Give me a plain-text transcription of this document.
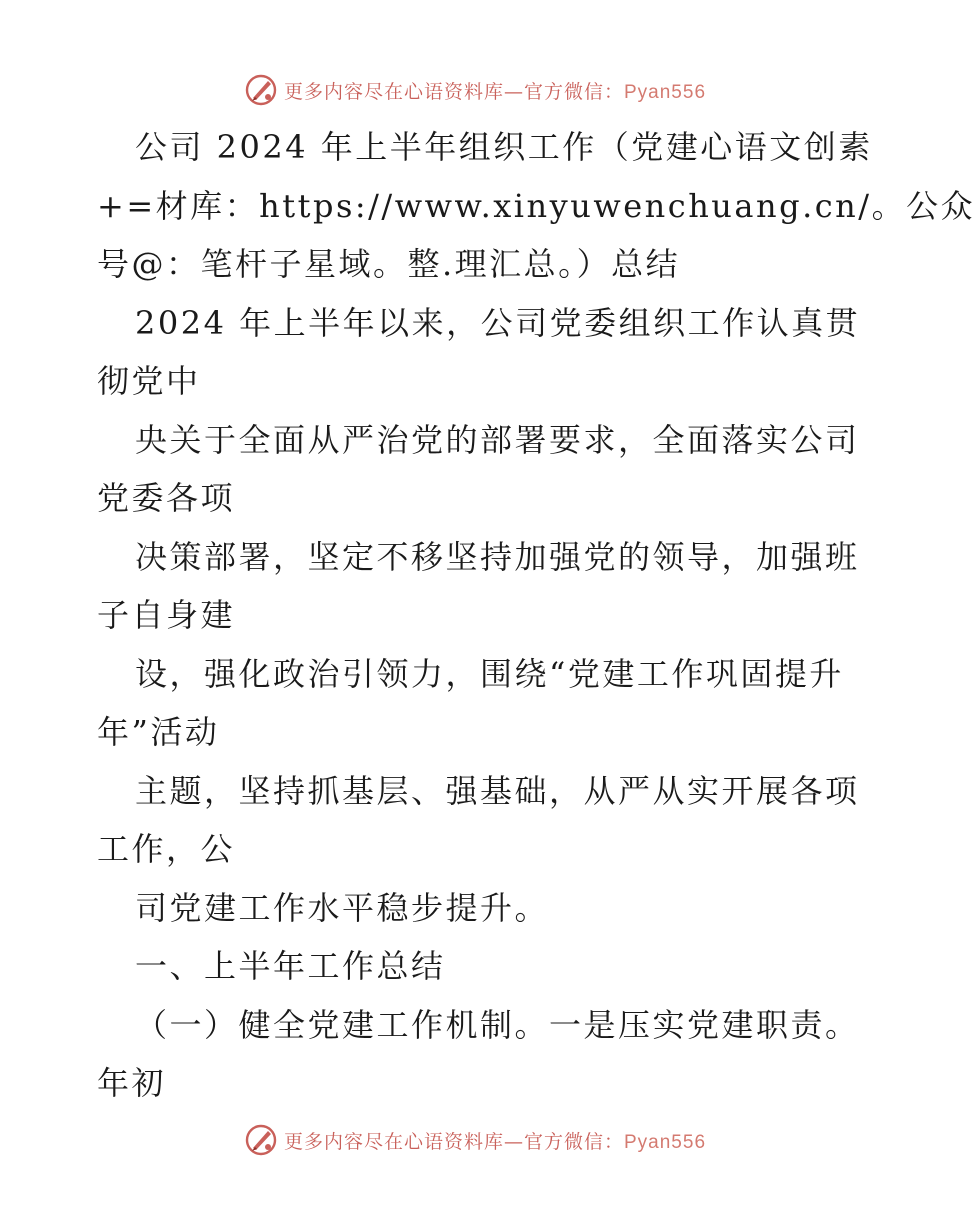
更多内容尽在心语资料库—官方微信：Pyan556
公司 2024 年上半年组织工作（党建心语文创素
+=材库：https://www.xinyuwenchuang.cn/。公众
号@：笔杆子星域。整.理汇总。）总结
2024 年上半年以来，公司党委组织工作认真贯
彻党中
央关于全面从严治党的部署要求，全面落实公司
党委各项
决策部署，坚定不移坚持加强党的领导，加强班
子自身建
设，强化政治引领力，围绕“党建工作巩固提升
年”活动
主题，坚持抓基层、强基础，从严从实开展各项
工作，公
司党建工作水平稳步提升。
一、上半年工作总结
（一）健全党建工作机制。一是压实党建职责。
年初
更多内容尽在心语资料库—官方微信：Pyan556
